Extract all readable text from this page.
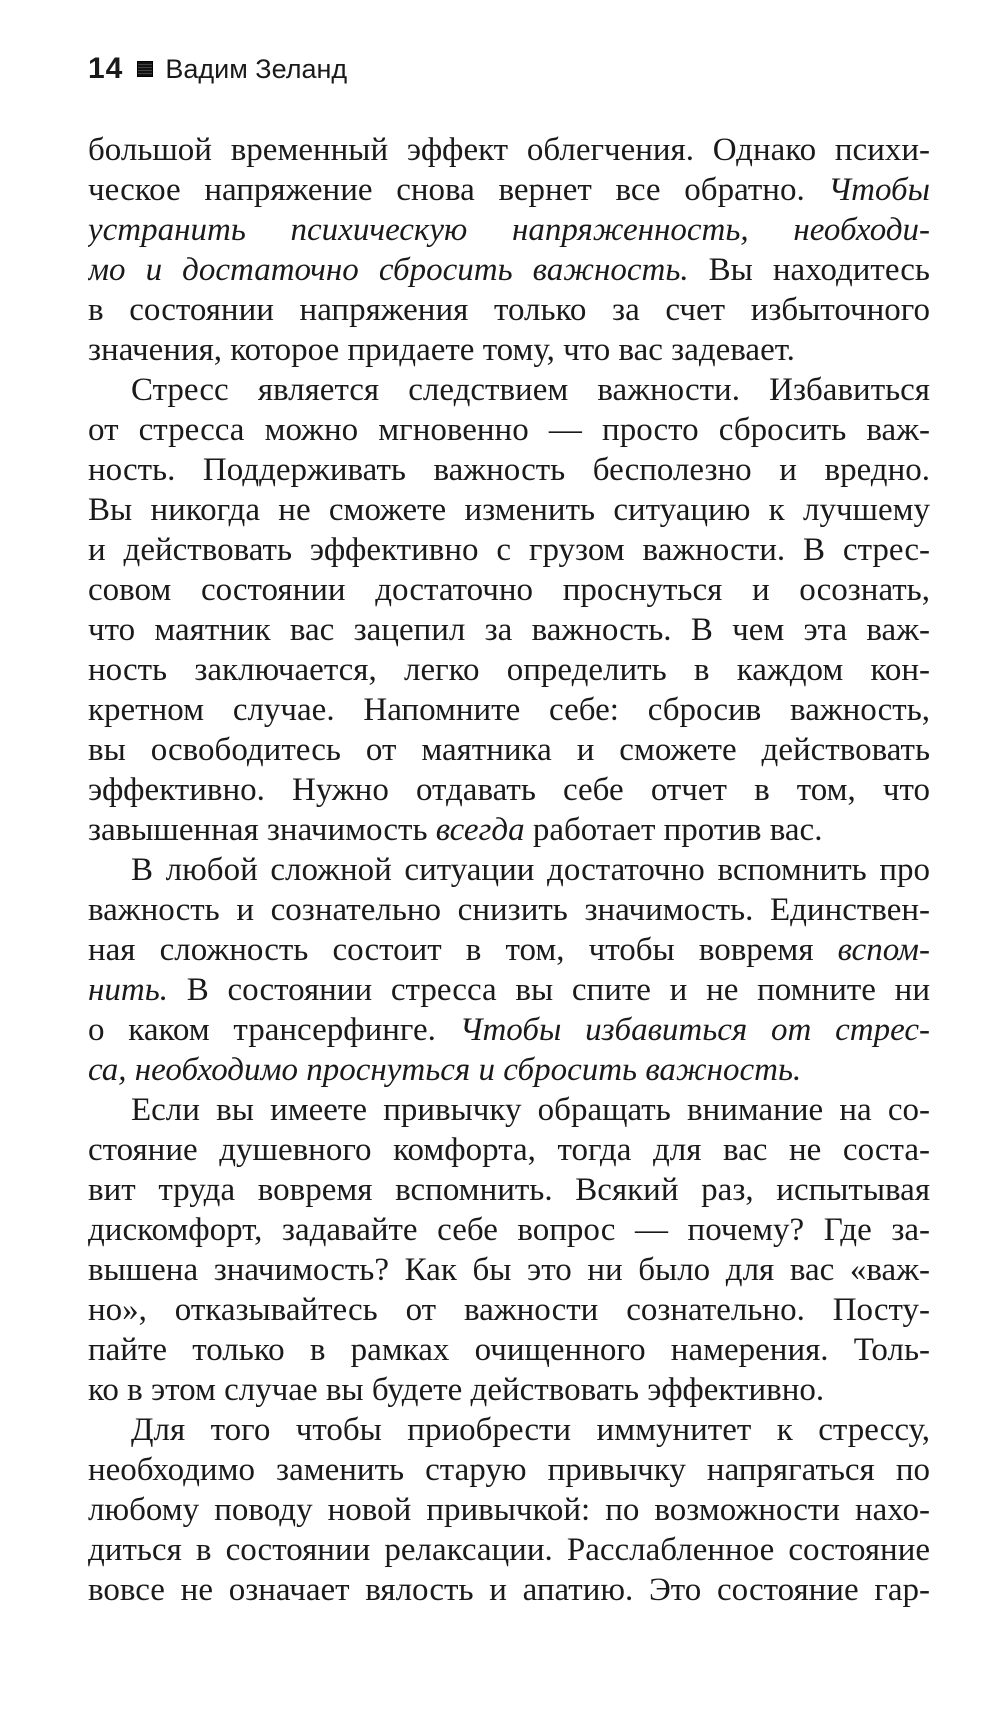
14 Вадим Зеланд
большой временный эффект облегчения. Однако психи-
ческое напряжение снова вернет все обратно. Чтобы
устранить психическую напряженность, необходи-
мо и достаточно сбросить важность. Вы находитесь
в состоянии напряжения только за счет избыточного
значения, которое придаете тому, что вас задевает.
Стресс является следствием важности. Избавиться
от стресса можно мгновенно — просто сбросить важ-
ность. Поддерживать важность бесполезно и вредно.
Вы никогда не сможете изменить ситуацию к лучшему
и действовать эффективно с грузом важности. В стрес-
совом состоянии достаточно проснуться и осознать,
что маятник вас зацепил за важность. В чем эта важ-
ность заключается, легко определить в каждом кон-
кретном случае. Напомните себе: сбросив важность,
вы освободитесь от маятника и сможете действовать
эффективно. Нужно отдавать себе отчет в том, что
завышенная значимость всегда работает против вас.
В любой сложной ситуации достаточно вспомнить про
важность и сознательно снизить значимость. Единствен-
ная сложность состоит в том, чтобы вовремя вспом-
нить. В состоянии стресса вы спите и не помните ни
о каком трансерфинге. Чтобы избавиться от стрес-
са, необходимо проснуться и сбросить важность.
Если вы имеете привычку обращать внимание на со-
стояние душевного комфорта, тогда для вас не соста-
вит труда вовремя вспомнить. Всякий раз, испытывая
дискомфорт, задавайте себе вопрос — почему? Где за-
вышена значимость? Как бы это ни было для вас «важ-
но», отказывайтесь от важности сознательно. Посту-
пайте только в рамках очищенного намерения. Толь-
ко в этом случае вы будете действовать эффективно.
Для того чтобы приобрести иммунитет к стрессу,
необходимо заменить старую привычку напрягаться по
любому поводу новой привычкой: по возможности нахо-
диться в состоянии релаксации. Расслабленное состояние
вовсе не означает вялость и апатию. Это состояние гар-
